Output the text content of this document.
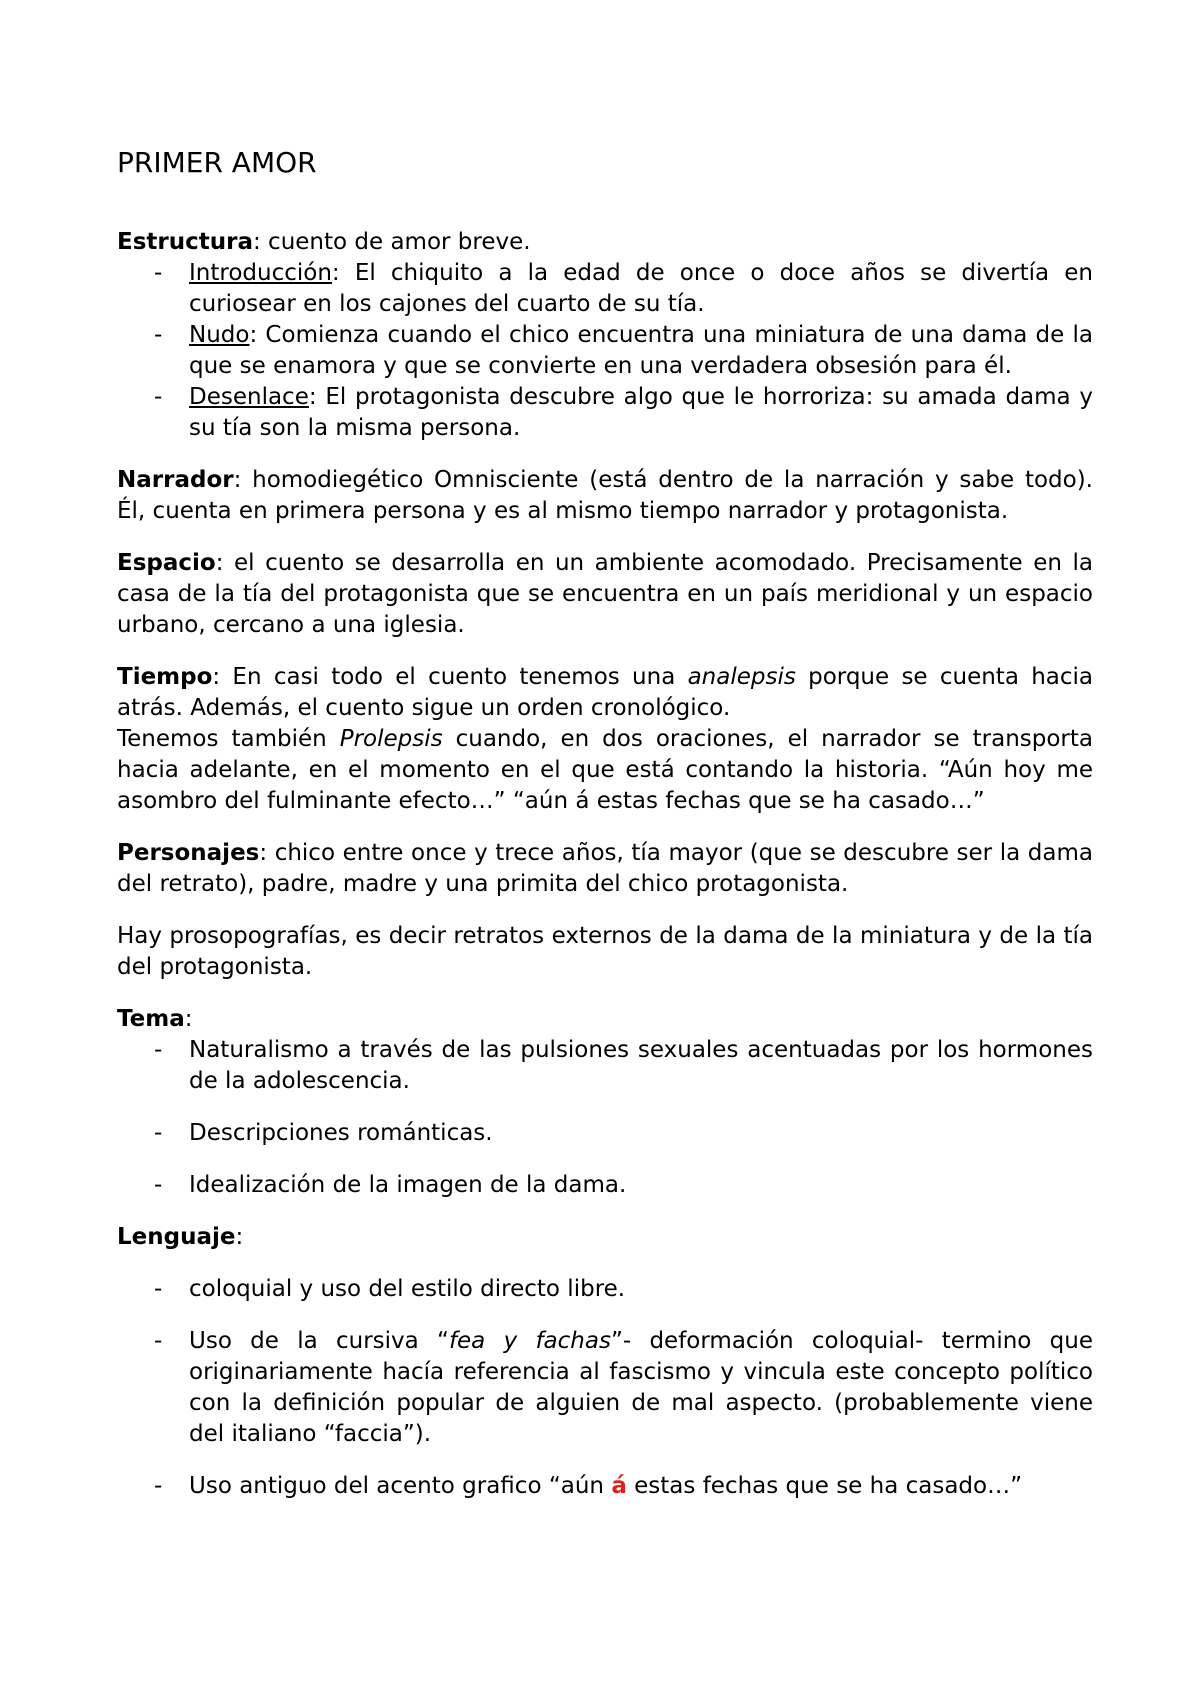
PRIMER AMOR

Estructura: cuento de amor breve.

- Introducción: El chiquito a la edad de once o doce años se divertía en curiosear en los cajones del cuarto de su tía.
- Nudo: Comienza cuando el chico encuentra una miniatura de una dama de la que se enamora y que se convierte en una verdadera obsesión para él.
- Desenlace: El protagonista descubre algo que le horroriza: su amada dama y su tía son la misma persona.

Narrador: homodiegético Omnisciente (está dentro de la narración y sabe todo). Él, cuenta en primera persona y es al mismo tiempo narrador y protagonista.

Espacio: el cuento se desarrolla en un ambiente acomodado. Precisamente en la casa de la tía del protagonista que se encuentra en un país meridional y un espacio urbano, cercano a una iglesia.

Tiempo: En casi todo el cuento tenemos una analepsis porque se cuenta hacia atrás. Además, el cuento sigue un orden cronológico.

Tenemos también Prolepsis cuando, en dos oraciones, el narrador se transporta hacia adelante, en el momento en el que está contando la historia. “Aún hoy me asombro del fulminante efecto…” “aún á estas fechas que se ha casado…”

Personajes: chico entre once y trece años, tía mayor (que se descubre ser la dama del retrato), padre, madre y una primita del chico protagonista.

Hay prosopografías, es decir retratos externos de la dama de la miniatura y de la tía del protagonista.

Tema:

- Naturalismo a través de las pulsiones sexuales acentuadas por los hormones de la adolescencia.
- Descripciones románticas.
- Idealización de la imagen de la dama.

Lenguaje:

- coloquial y uso del estilo directo libre.
- Uso de la cursiva “fea y fachas”- deformación coloquial- termino que originariamente hacía referencia al fascismo y vincula este concepto político con la definición popular de alguien de mal aspecto. (probablemente viene del italiano “faccia”).
- Uso antiguo del acento grafico “aún á estas fechas que se ha casado…”
